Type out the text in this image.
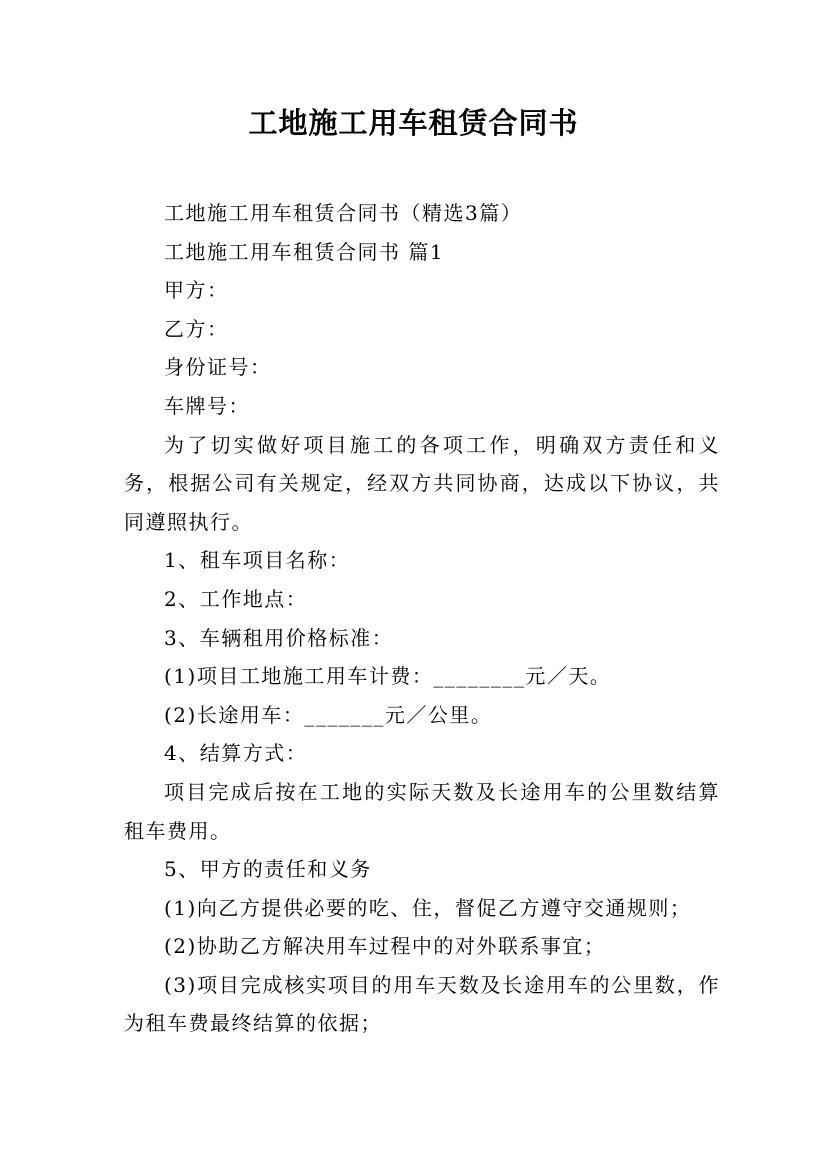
工地施工用车租赁合同书

工地施工用车租赁合同书（精选3篇）

工地施工用车租赁合同书 篇1

甲方：

乙方：

身份证号：

车牌号：

为了切实做好项目施工的各项工作，明确双方责任和义务，根据公司有关规定，经双方共同协商，达成以下协议，共同遵照执行。

1、租车项目名称：

2、工作地点：

3、车辆租用价格标准：

(1)项目工地施工用车计费：________元／天。

(2)长途用车：_______元／公里。

4、结算方式：

项目完成后按在工地的实际天数及长途用车的公里数结算租车费用。

5、甲方的责任和义务

(1)向乙方提供必要的吃、住，督促乙方遵守交通规则；

(2)协助乙方解决用车过程中的对外联系事宜；

(3)项目完成核实项目的用车天数及长途用车的公里数，作为租车费最终结算的依据；
